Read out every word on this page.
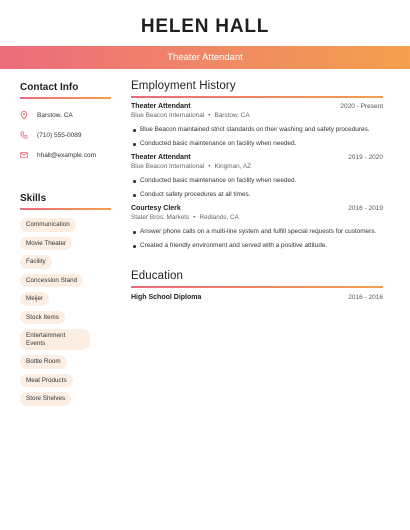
HELEN HALL
Theater Attendant
Contact Info
Barstow, CA
(710) 555-0089
hhall@example.com
Skills
Communication
Movie Theater
Facility
Concession Stand
Meijer
Stock Items
Entertainment Events
Bottle Room
Meat Products
Store Shelves
Employment History
Theater Attendant	2020 - Present
Blue Beacon International • Barstow, CA
Blue Beacon maintained strict standards on their washing and safety procedures.
Conducted basic maintenance on facility when needed.
Theater Attendant	2019 - 2020
Blue Beacon International • Kingman, AZ
Conducted basic maintenance on facility when needed.
Conduct safety procedures at all times.
Courtesy Clerk	2016 - 2019
Stater Bros. Markets • Redlands, CA
Answer phone calls on a multi-line system and fulfill special requests for customers.
Created a friendly environment and served with a positive attitude.
Education
High School Diploma	2016 - 2016
